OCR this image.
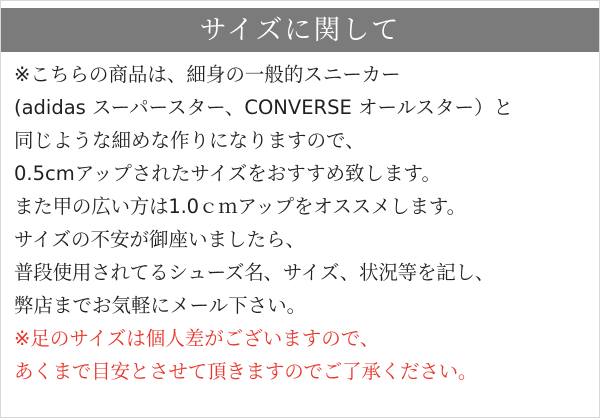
サイズに関して
※こちらの商品は、細身の一般的スニーカー
(adidas スーパースター、CONVERSE オールスター）と
同じような細めな作りになりますので、
0.5cmアップされたサイズをおすすめ致します。
また甲の広い方は1.0ｃｍアップをオススメします。
サイズの不安が御座いましたら、
普段使用されてるシューズ名、サイズ、状況等を記し、
弊店までお気軽にメール下さい。
※足のサイズは個人差がございますので、
あくまで目安とさせて頂きますのでご了承ください。
